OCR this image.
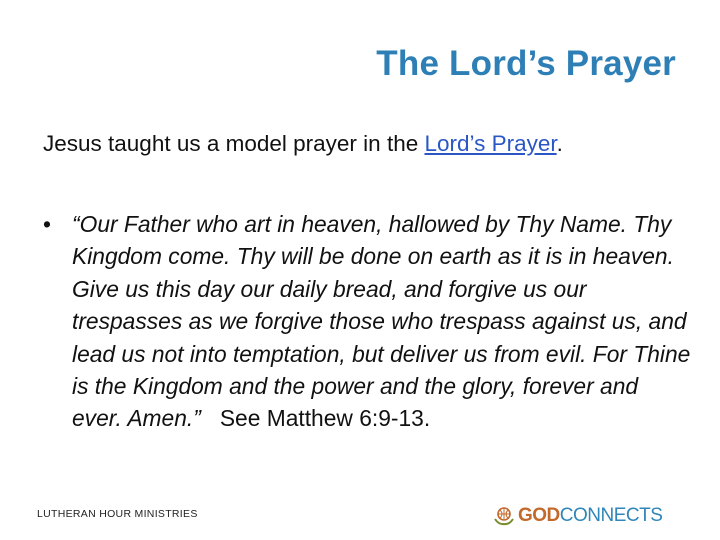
The Lord’s Prayer
Jesus taught us a model prayer in the Lord’s Prayer.
• “Our Father who art in heaven, hallowed by Thy Name. Thy Kingdom come. Thy will be done on earth as it is in heaven. Give us this day our daily bread, and forgive us our trespasses as we forgive those who trespass against us, and lead us not into temptation, but deliver us from evil. For Thine is the Kingdom and the power and the glory, forever and ever. Amen.” See Matthew 6:9-13.
LUTHERAN HOUR MINISTRIES	GOD CONNECTS
